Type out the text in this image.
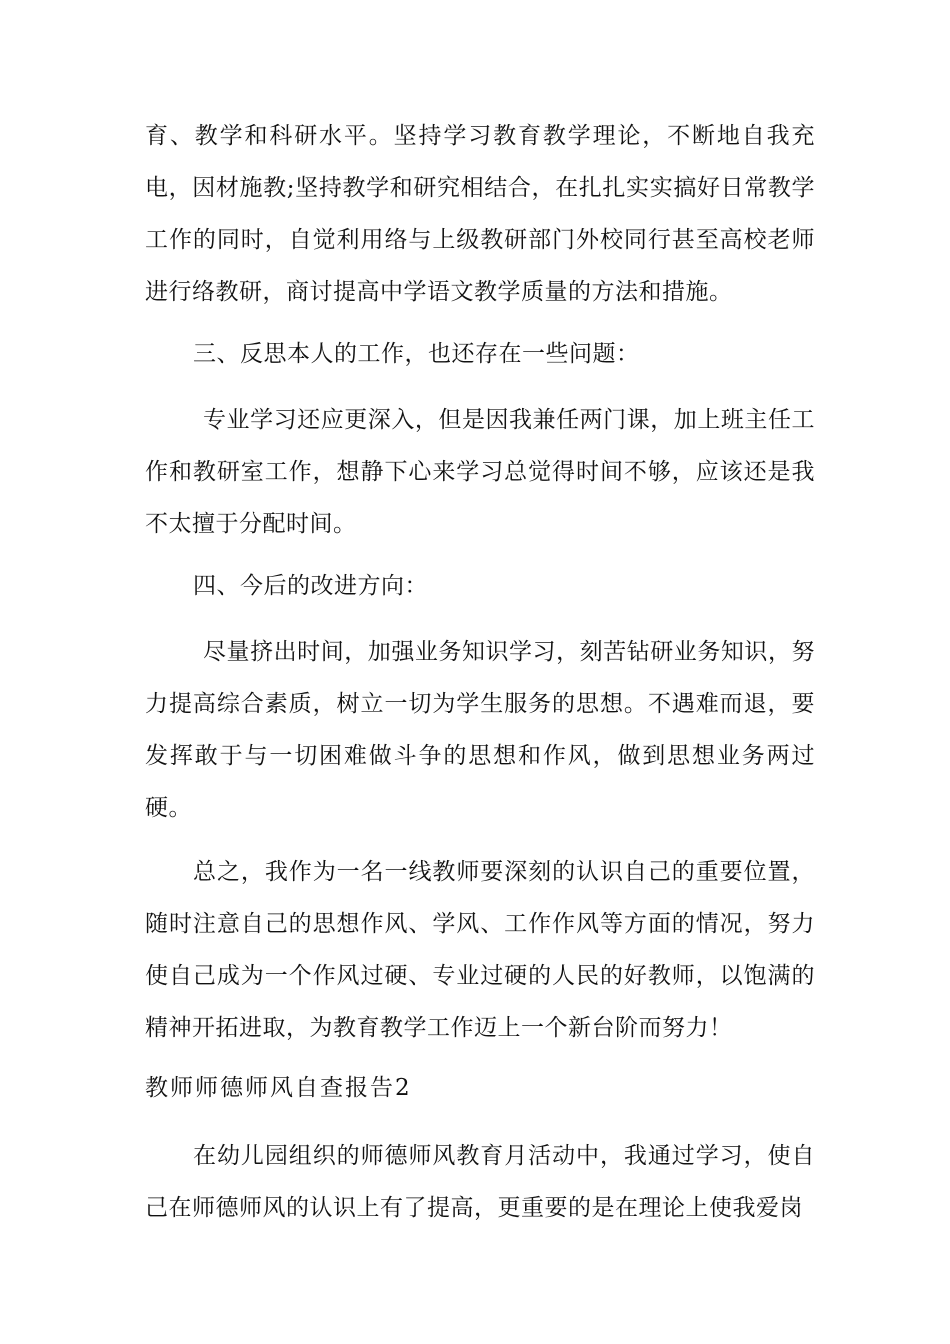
育、教学和科研水平。坚持学习教育教学理论，不断地自我充电，因材施教;坚持教学和研究相结合，在扎扎实实搞好日常教学工作的同时，自觉利用络与上级教研部门外校同行甚至高校老师进行络教研，商讨提高中学语文教学质量的方法和措施。

三、反思本人的工作，也还存在一些问题：

专业学习还应更深入，但是因我兼任两门课，加上班主任工作和教研室工作，想静下心来学习总觉得时间不够，应该还是我不太擅于分配时间。

四、今后的改进方向：

尽量挤出时间，加强业务知识学习，刻苦钻研业务知识，努力提高综合素质，树立一切为学生服务的思想。不遇难而退，要发挥敢于与一切困难做斗争的思想和作风，做到思想业务两过硬。

总之，我作为一名一线教师要深刻的认识自己的重要位置，随时注意自己的思想作风、学风、工作作风等方面的情况，努力使自己成为一个作风过硬、专业过硬的人民的好教师，以饱满的精神开拓进取，为教育教学工作迈上一个新台阶而努力！

教师师德师风自查报告2

在幼儿园组织的师德师风教育月活动中，我通过学习，使自己在师德师风的认识上有了提高，更重要的是在理论上使我爱岗
